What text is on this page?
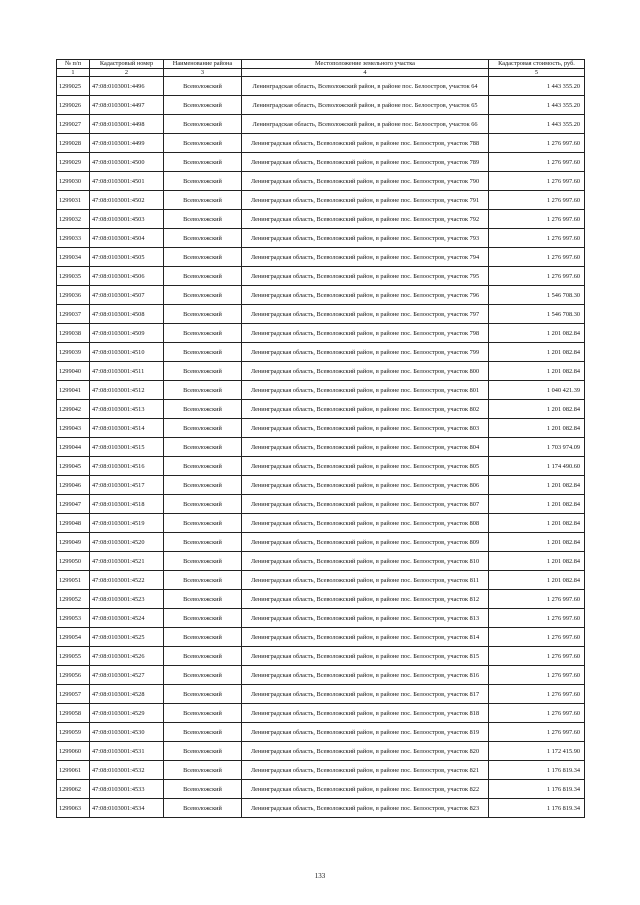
№ п/п	Кадастровый номер	Наименование района	Местоположение земельного участка	Кадастровая стоимость, руб.
1	2	3	4	5
1299025	47:08:0103001:4496	Всеволожский	Ленинградская область, Всеволожский район, в районе пос. Белоостров, участок 64	1 443 355.20
1299026	47:08:0103001:4497	Всеволожский	Ленинградская область, Всеволожский район, в районе пос. Белоостров, участок 65	1 443 355.20
1299027	47:08:0103001:4498	Всеволожский	Ленинградская область, Всеволожский район, в районе пос. Белоостров, участок 66	1 443 355.20
1299028	47:08:0103001:4499	Всеволожский	Ленинградская область, Всеволожский район, в районе пос. Белоостров, участок 788	1 276 997.60
1299029	47:08:0103001:4500	Всеволожский	Ленинградская область, Всеволожский район, в районе пос. Белоостров, участок 789	1 276 997.60
1299030	47:08:0103001:4501	Всеволожский	Ленинградская область, Всеволожский район, в районе пос. Белоостров, участок 790	1 276 997.60
1299031	47:08:0103001:4502	Всеволожский	Ленинградская область, Всеволожский район, в районе пос. Белоостров, участок 791	1 276 997.60
1299032	47:08:0103001:4503	Всеволожский	Ленинградская область, Всеволожский район, в районе пос. Белоостров, участок 792	1 276 997.60
1299033	47:08:0103001:4504	Всеволожский	Ленинградская область, Всеволожский район, в районе пос. Белоостров, участок 793	1 276 997.60
1299034	47:08:0103001:4505	Всеволожский	Ленинградская область, Всеволожский район, в районе пос. Белоостров, участок 794	1 276 997.60
1299035	47:08:0103001:4506	Всеволожский	Ленинградская область, Всеволожский район, в районе пос. Белоостров, участок 795	1 276 997.60
1299036	47:08:0103001:4507	Всеволожский	Ленинградская область, Всеволожский район, в районе пос. Белоостров, участок 796	1 546 708.30
1299037	47:08:0103001:4508	Всеволожский	Ленинградская область, Всеволожский район, в районе пос. Белоостров, участок 797	1 546 708.30
1299038	47:08:0103001:4509	Всеволожский	Ленинградская область, Всеволожский район, в районе пос. Белоостров, участок 798	1 201 082.84
1299039	47:08:0103001:4510	Всеволожский	Ленинградская область, Всеволожский район, в районе пос. Белоостров, участок 799	1 201 082.84
1299040	47:08:0103001:4511	Всеволожский	Ленинградская область, Всеволожский район, в районе пос. Белоостров, участок 800	1 201 082.84
1299041	47:08:0103001:4512	Всеволожский	Ленинградская область, Всеволожский район, в районе пос. Белоостров, участок 801	1 040 421.39
1299042	47:08:0103001:4513	Всеволожский	Ленинградская область, Всеволожский район, в районе пос. Белоостров, участок 802	1 201 082.84
1299043	47:08:0103001:4514	Всеволожский	Ленинградская область, Всеволожский район, в районе пос. Белоостров, участок 803	1 201 082.84
1299044	47:08:0103001:4515	Всеволожский	Ленинградская область, Всеволожский район, в районе пос. Белоостров, участок 804	1 703 974.09
1299045	47:08:0103001:4516	Всеволожский	Ленинградская область, Всеволожский район, в районе пос. Белоостров, участок 805	1 174 490.60
1299046	47:08:0103001:4517	Всеволожский	Ленинградская область, Всеволожский район, в районе пос. Белоостров, участок 806	1 201 082.84
1299047	47:08:0103001:4518	Всеволожский	Ленинградская область, Всеволожский район, в районе пос. Белоостров, участок 807	1 201 082.84
1299048	47:08:0103001:4519	Всеволожский	Ленинградская область, Всеволожский район, в районе пос. Белоостров, участок 808	1 201 082.84
1299049	47:08:0103001:4520	Всеволожский	Ленинградская область, Всеволожский район, в районе пос. Белоостров, участок 809	1 201 082.84
1299050	47:08:0103001:4521	Всеволожский	Ленинградская область, Всеволожский район, в районе пос. Белоостров, участок 810	1 201 082.84
1299051	47:08:0103001:4522	Всеволожский	Ленинградская область, Всеволожский район, в районе пос. Белоостров, участок 811	1 201 082.84
1299052	47:08:0103001:4523	Всеволожский	Ленинградская область, Всеволожский район, в районе пос. Белоостров, участок 812	1 276 997.60
1299053	47:08:0103001:4524	Всеволожский	Ленинградская область, Всеволожский район, в районе пос. Белоостров, участок 813	1 276 997.60
1299054	47:08:0103001:4525	Всеволожский	Ленинградская область, Всеволожский район, в районе пос. Белоостров, участок 814	1 276 997.60
1299055	47:08:0103001:4526	Всеволожский	Ленинградская область, Всеволожский район, в районе пос. Белоостров, участок 815	1 276 997.60
1299056	47:08:0103001:4527	Всеволожский	Ленинградская область, Всеволожский район, в районе пос. Белоостров, участок 816	1 276 997.60
1299057	47:08:0103001:4528	Всеволожский	Ленинградская область, Всеволожский район, в районе пос. Белоостров, участок 817	1 276 997.60
1299058	47:08:0103001:4529	Всеволожский	Ленинградская область, Всеволожский район, в районе пос. Белоостров, участок 818	1 276 997.60
1299059	47:08:0103001:4530	Всеволожский	Ленинградская область, Всеволожский район, в районе пос. Белоостров, участок 819	1 276 997.60
1299060	47:08:0103001:4531	Всеволожский	Ленинградская область, Всеволожский район, в районе пос. Белоостров, участок 820	1 172 415.90
1299061	47:08:0103001:4532	Всеволожский	Ленинградская область, Всеволожский район, в районе пос. Белоостров, участок 821	1 176 819.34
1299062	47:08:0103001:4533	Всеволожский	Ленинградская область, Всеволожский район, в районе пос. Белоостров, участок 822	1 176 819.34
1299063	47:08:0103001:4534	Всеволожский	Ленинградская область, Всеволожский район, в районе пос. Белоостров, участок 823	1 176 819.34
133
